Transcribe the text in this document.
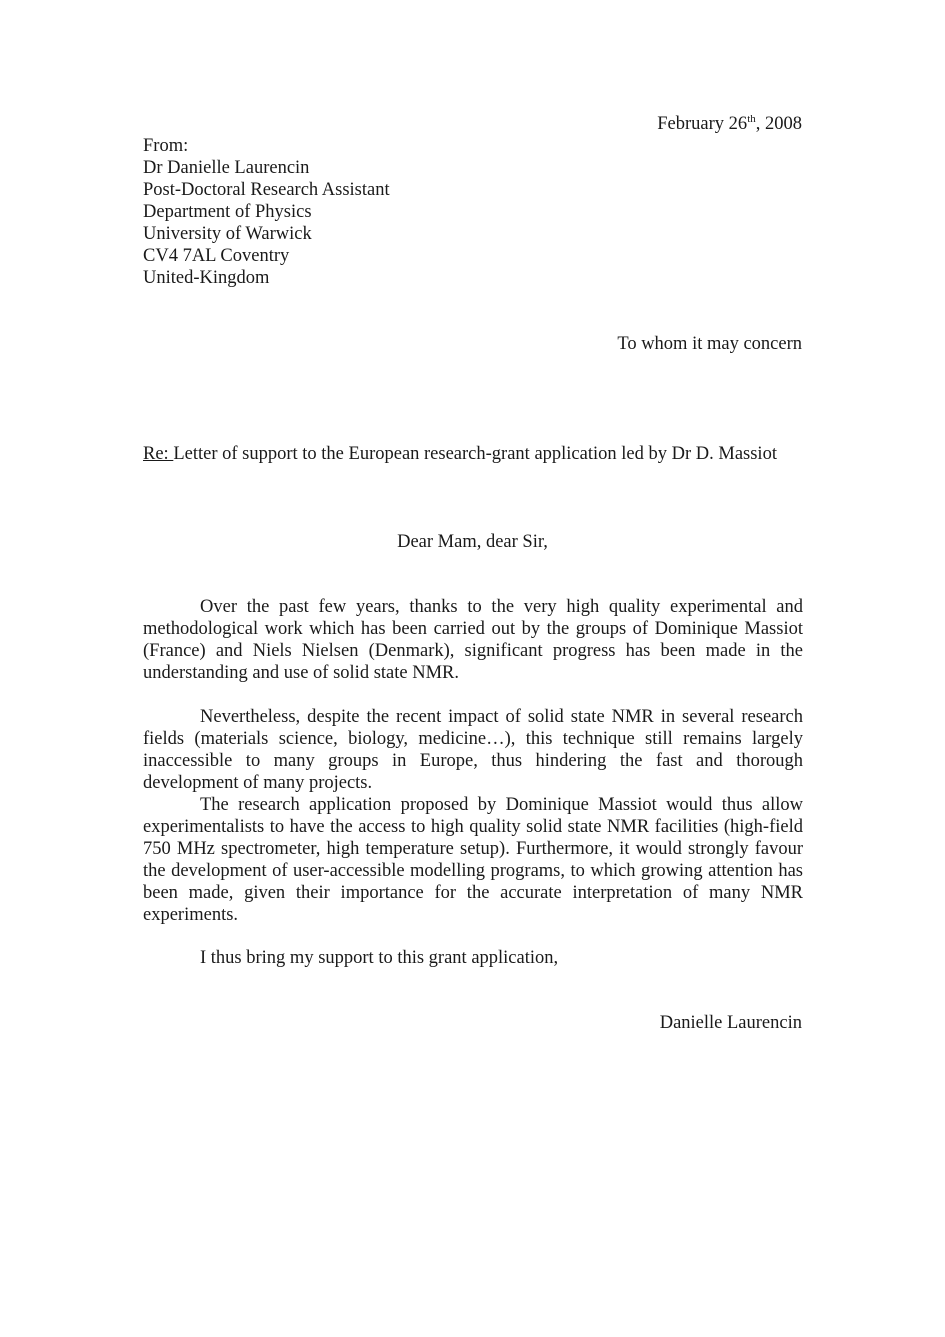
February 26th, 2008
From:
Dr Danielle Laurencin
Post-Doctoral Research Assistant
Department of Physics
University of Warwick
CV4 7AL Coventry
United-Kingdom
To whom it may concern
Re: Letter of support to the European research-grant application led by Dr D. Massiot
Dear Mam, dear Sir,

Over the past few years, thanks to the very high quality experimental and methodological work which has been carried out by the groups of Dominique Massiot (France) and Niels Nielsen (Denmark), significant progress has been made in the understanding and use of solid state NMR.

Nevertheless, despite the recent impact of solid state NMR in several research fields (materials science, biology, medicine…), this technique still remains largely inaccessible to many groups in Europe, thus hindering the fast and thorough development of many projects.

The research application proposed by Dominique Massiot would thus allow experimentalists to have the access to high quality solid state NMR facilities (high-field 750 MHz spectrometer, high temperature setup). Furthermore, it would strongly favour the development of user-accessible modelling programs, to which growing attention has been made, given their importance for the accurate interpretation of many NMR experiments.

I thus bring my support to this grant application,

Danielle Laurencin
